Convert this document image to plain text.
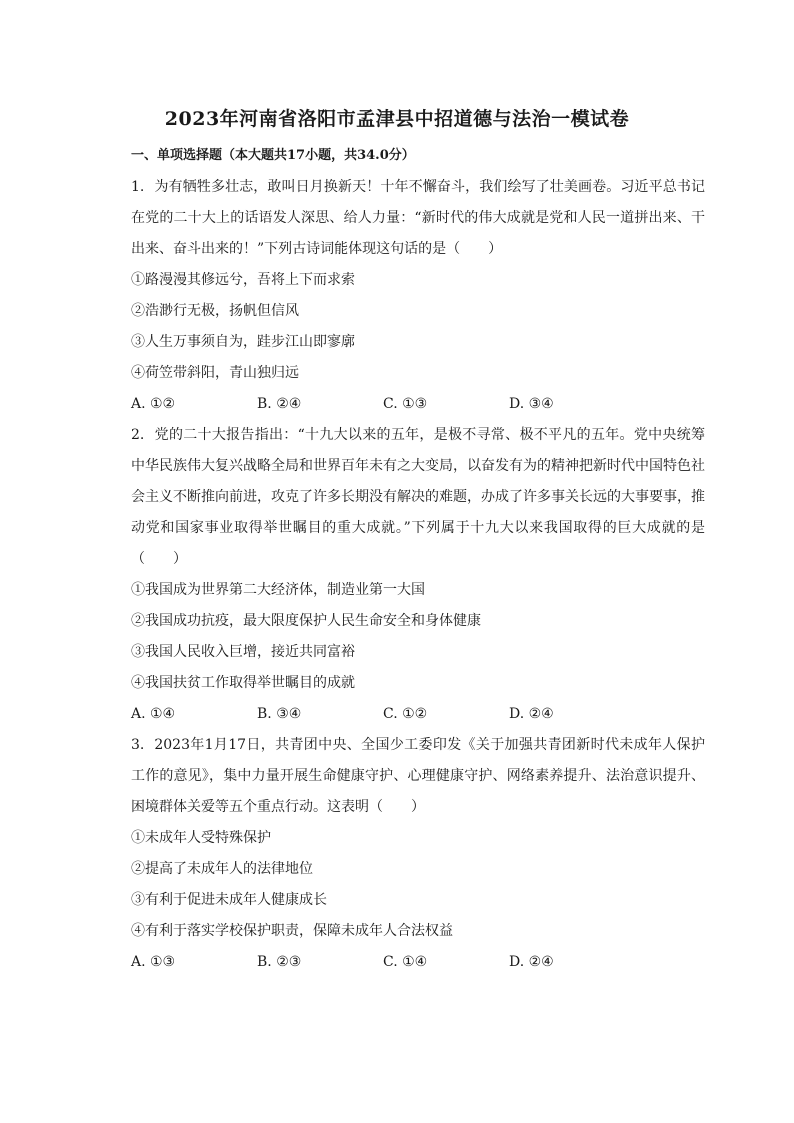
2023年河南省洛阳市孟津县中招道德与法治一模试卷
一、单项选择题（本大题共17小题，共34.0分）

1. 为有牺牲多壮志，敢叫日月换新天！十年不懈奋斗，我们绘写了壮美画卷。习近平总书记在党的二十大上的话语发人深思、给人力量：“新时代的伟大成就是党和人民一道拼出来、干出来、奋斗出来的！”下列古诗词能体现这句话的是（　　）

①路漫漫其修远兮，吾将上下而求索
②浩渺行无极，扬帆但信风
③人生万事须自为，跬步江山即寥廓
④荷笠带斜阳，青山独归远
A. ①②	B. ②④	C. ①③	D. ③④

2. 党的二十大报告指出：“十九大以来的五年，是极不寻常、极不平凡的五年。党中央统筹中华民族伟大复兴战略全局和世界百年未有之大变局，以奋发有为的精神把新时代中国特色社会主义不断推向前进，攻克了许多长期没有解决的难题，办成了许多事关长远的大事要事，推动党和国家事业取得举世瞩目的重大成就。”下列属于十九大以来我国取得的巨大成就的是（　　）

①我国成为世界第二大经济体，制造业第一大国
②我国成功抗疫，最大限度保护人民生命安全和身体健康
③我国人民收入巨增，接近共同富裕
④我国扶贫工作取得举世瞩目的成就
A. ①④	B. ③④	C. ①②	D. ②④

3. 2023年1月17日，共青团中央、全国少工委印发《关于加强共青团新时代未成年人保护工作的意见》，集中力量开展生命健康守护、心理健康守护、网络素养提升、法治意识提升、困境群体关爱等五个重点行动。这表明（　　）

①未成年人受特殊保护
②提高了未成年人的法律地位
③有利于促进未成年人健康成长
④有利于落实学校保护职责，保障未成年人合法权益
A. ①③	B. ②③	C. ①④	D. ②④
